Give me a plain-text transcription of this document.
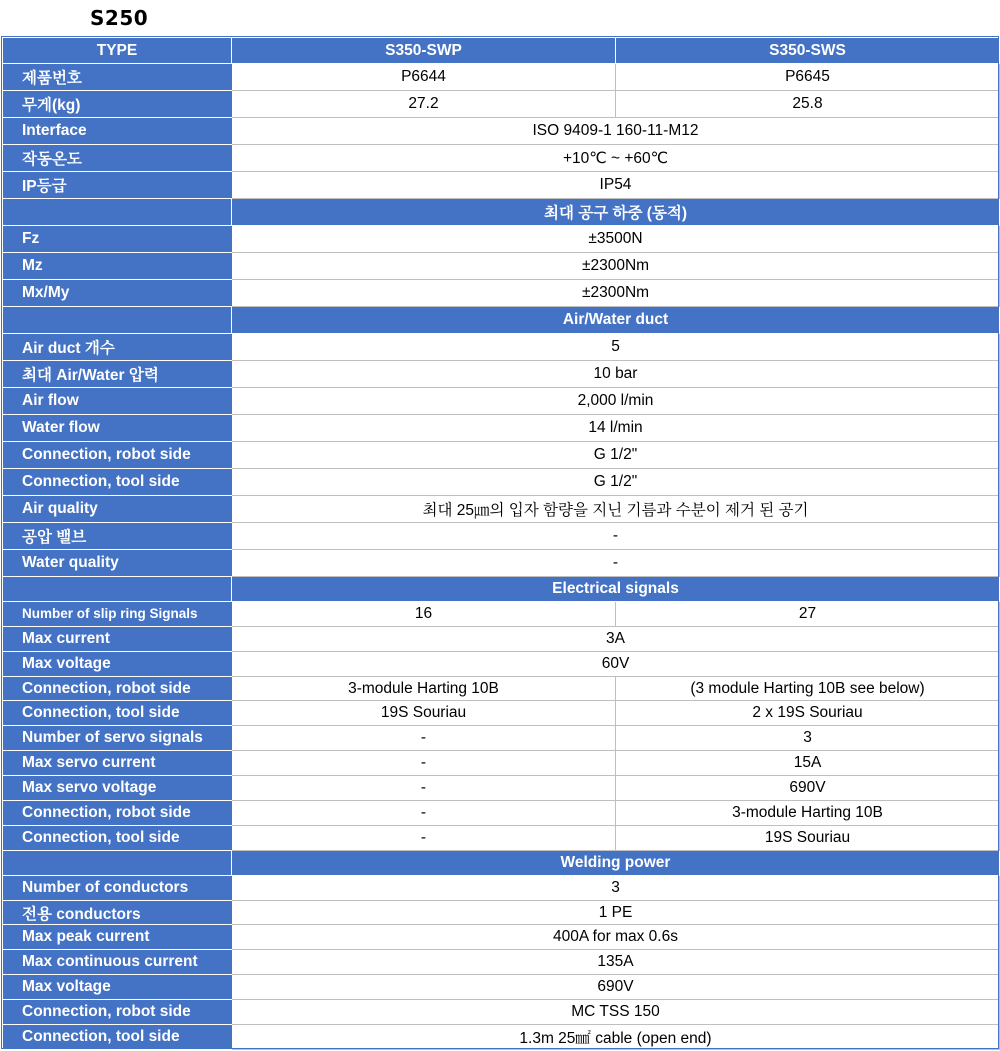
S250
TYPE	S350-SWP	S350-SWS
제품번호	P6644	P6645
무게(kg)	27.2	25.8
Interface	ISO 9409-1 160-11-M12	
작동온도	+10℃ ~ +60℃	
IP등급	IP54	
	최대 공구 하중 (동적)	
Fz	±3500N	
Mz	±2300Nm	
Mx/My	±2300Nm	
	Air/Water duct	
Air duct 개수	5	
최대 Air/Water 압력	10 bar	
Air flow	2,000 l/min	
Water flow	14 l/min	
Connection, robot side	G 1/2"	
Connection, tool side	G 1/2"	
Air quality	최대 25㎛의 입자 함량을 지닌 기름과 수분이 제거 된 공기	
공압 밸브	-	
Water quality	-	
	Electrical signals	
Number of slip ring Signals	16	27
Max current	3A	
Max voltage	60V	
Connection, robot side	3-module Harting 10B	(3 module Harting 10B see below)
Connection, tool side	19S Souriau	2 x 19S Souriau
Number of servo signals	-	3
Max servo current	-	15A
Max servo voltage	-	690V
Connection, robot side	-	3-module Harting 10B
Connection, tool side	-	19S Souriau
	Welding power	
Number of conductors	3	
전용 conductors	1 PE	
Max peak current	400A for max 0.6s	
Max continuous current	135A	
Max voltage	690V	
Connection, robot side	MC TSS 150	
Connection, tool side	1.3m 25㎟ cable (open end)	
